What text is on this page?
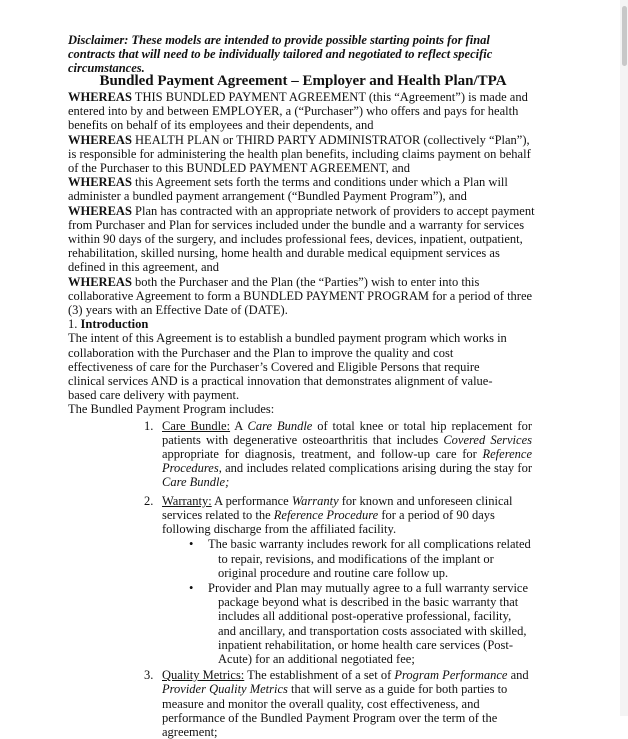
Disclaimer: These models are intended to provide possible starting points for final contracts that will need to be individually tailored and negotiated to reflect specific circumstances.
Bundled Payment Agreement – Employer and Health Plan/TPA

WHEREAS THIS BUNDLED PAYMENT AGREEMENT (this “Agreement”) is made and entered into by and between EMPLOYER, a (“Purchaser”) who offers and pays for health benefits on behalf of its employees and their dependents, and

WHEREAS HEALTH PLAN or THIRD PARTY ADMINISTRATOR (collectively “Plan”), is responsible for administering the health plan benefits, including claims payment on behalf of the Purchaser to this BUNDLED PAYMENT AGREEMENT, and

WHEREAS this Agreement sets forth the terms and conditions under which a Plan will administer a bundled payment arrangement (“Bundled Payment Program”), and

WHEREAS Plan has contracted with an appropriate network of providers to accept payment from Purchaser and Plan for services included under the bundle and a warranty for services within 90 days of the surgery, and includes professional fees, devices, inpatient, outpatient, rehabilitation, skilled nursing, home health and durable medical equipment services as defined in this agreement, and

WHEREAS both the Purchaser and the Plan (the “Parties”) wish to enter into this collaborative Agreement to form a BUNDLED PAYMENT PROGRAM for a period of three (3) years with an Effective Date of (DATE).

1. Introduction

The intent of this Agreement is to establish a bundled payment program which works in collaboration with the Purchaser and the Plan to improve the quality and cost effectiveness of care for the Purchaser’s Covered and Eligible Persons that require clinical services AND is a practical innovation that demonstrates alignment of value-based care delivery with payment.

The Bundled Payment Program includes:

1. Care Bundle: A Care Bundle of total knee or total hip replacement for patients with degenerative osteoarthritis that includes Covered Services appropriate for diagnosis, treatment, and follow-up care for Reference Procedures, and includes related complications arising during the stay for Care Bundle;
2. Warranty: A performance Warranty for known and unforeseen clinical services related to the Reference Procedure for a period of 90 days following discharge from the affiliated facility.
• The basic warranty includes rework for all complications related to repair, revisions, and modifications of the implant or original procedure and routine care follow up.
• Provider and Plan may mutually agree to a full warranty service package beyond what is described in the basic warranty that includes all additional post-operative professional, facility, and ancillary, and transportation costs associated with skilled, inpatient rehabilitation, or home health care services (Post-Acute) for an additional negotiated fee;
3. Quality Metrics: The establishment of a set of Program Performance and Provider Quality Metrics that will serve as a guide for both parties to measure and monitor the overall quality, cost effectiveness, and performance of the Bundled Payment Program over the term of the agreement;
